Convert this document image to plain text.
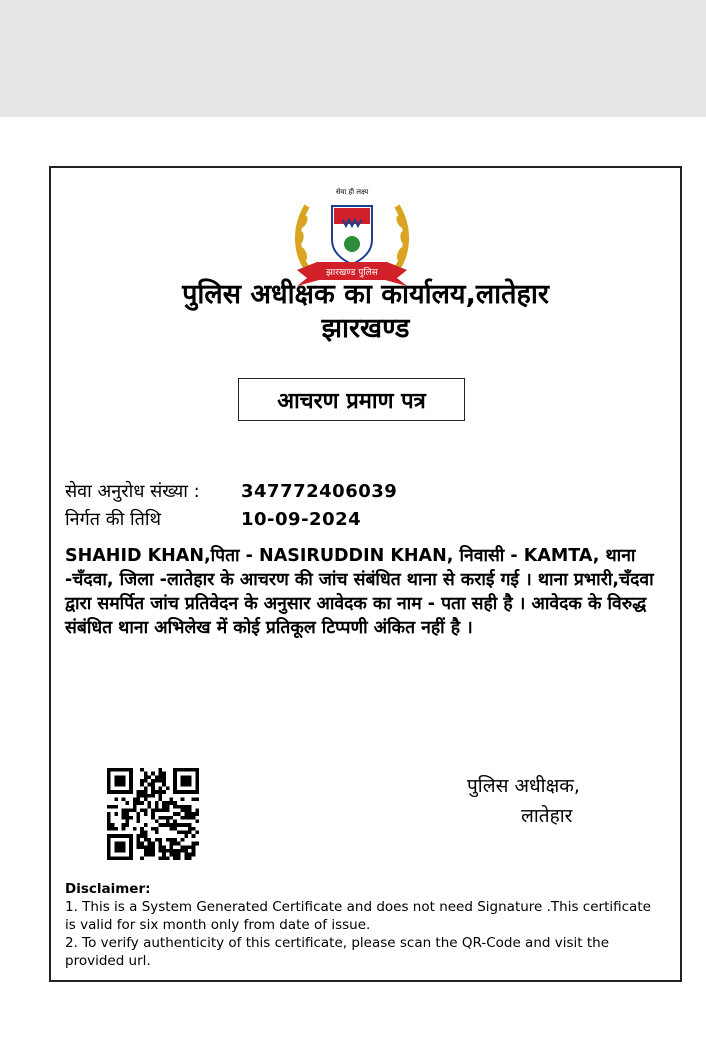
झारखण्ड पुलिस
सेवा ही लक्ष्य
पुलिस अधीक्षक का कार्यालय,लातेहार
झारखण्ड
आचरण प्रमाण पत्र
सेवा अनुरोध संख्या :	347772406039
निर्गत की तिथि	10-09-2024
SHAHID KHAN,पिता - NASIRUDDIN KHAN, निवासी - KAMTA, थाना -चँदवा, जिला -लातेहार के आचरण की जांच संबंधित थाना से कराई गई । थाना प्रभारी,चँदवा द्वारा समर्पित जांच प्रतिवेदन के अनुसार आवेदक का नाम - पता सही है । आवेदक के विरुद्ध संबंधित थाना अभिलेख में कोई प्रतिकूल टिप्पणी अंकित नहीं है ।
पुलिस अधीक्षक,
लातेहार
Disclaimer:
1. This is a System Generated Certificate and does not need Signature .This certificate is valid for six month only from date of issue.
2. To verify authenticity of this certificate, please scan the QR-Code and visit the provided url.
